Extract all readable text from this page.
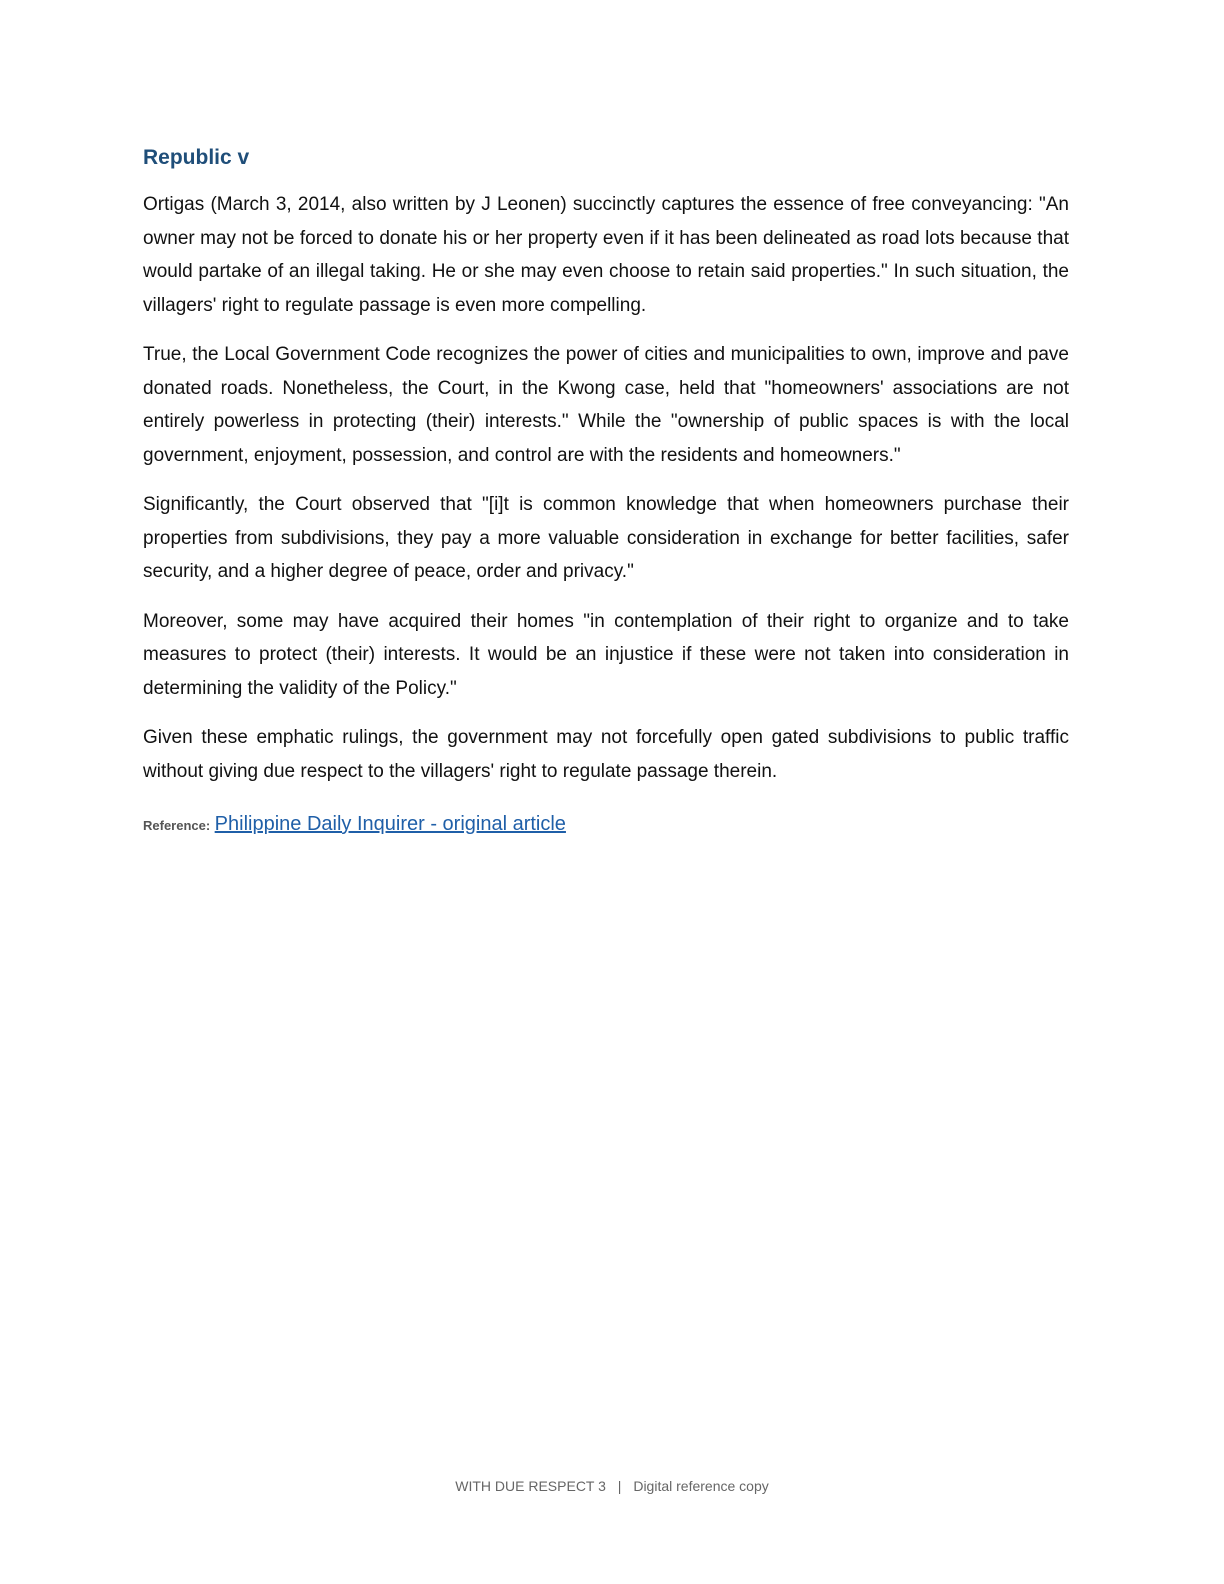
Republic v

Ortigas (March 3, 2014, also written by J Leonen) succinctly captures the essence of free conveyancing: "An owner may not be forced to donate his or her property even if it has been delineated as road lots because that would partake of an illegal taking. He or she may even choose to retain said properties." In such situation, the villagers' right to regulate passage is even more compelling.

True, the Local Government Code recognizes the power of cities and municipalities to own, improve and pave donated roads. Nonetheless, the Court, in the Kwong case, held that "homeowners' associations are not entirely powerless in protecting (their) interests." While the "ownership of public spaces is with the local government, enjoyment, possession, and control are with the residents and homeowners."

Significantly, the Court observed that "[i]t is common knowledge that when homeowners purchase their properties from subdivisions, they pay a more valuable consideration in exchange for better facilities, safer security, and a higher degree of peace, order and privacy."

Moreover, some may have acquired their homes "in contemplation of their right to organize and to take measures to protect (their) interests. It would be an injustice if these were not taken into consideration in determining the validity of the Policy."

Given these emphatic rulings, the government may not forcefully open gated subdivisions to public traffic without giving due respect to the villagers' right to regulate passage therein.

Reference: Philippine Daily Inquirer - original article
WITH DUE RESPECT 3 | Digital reference copy
